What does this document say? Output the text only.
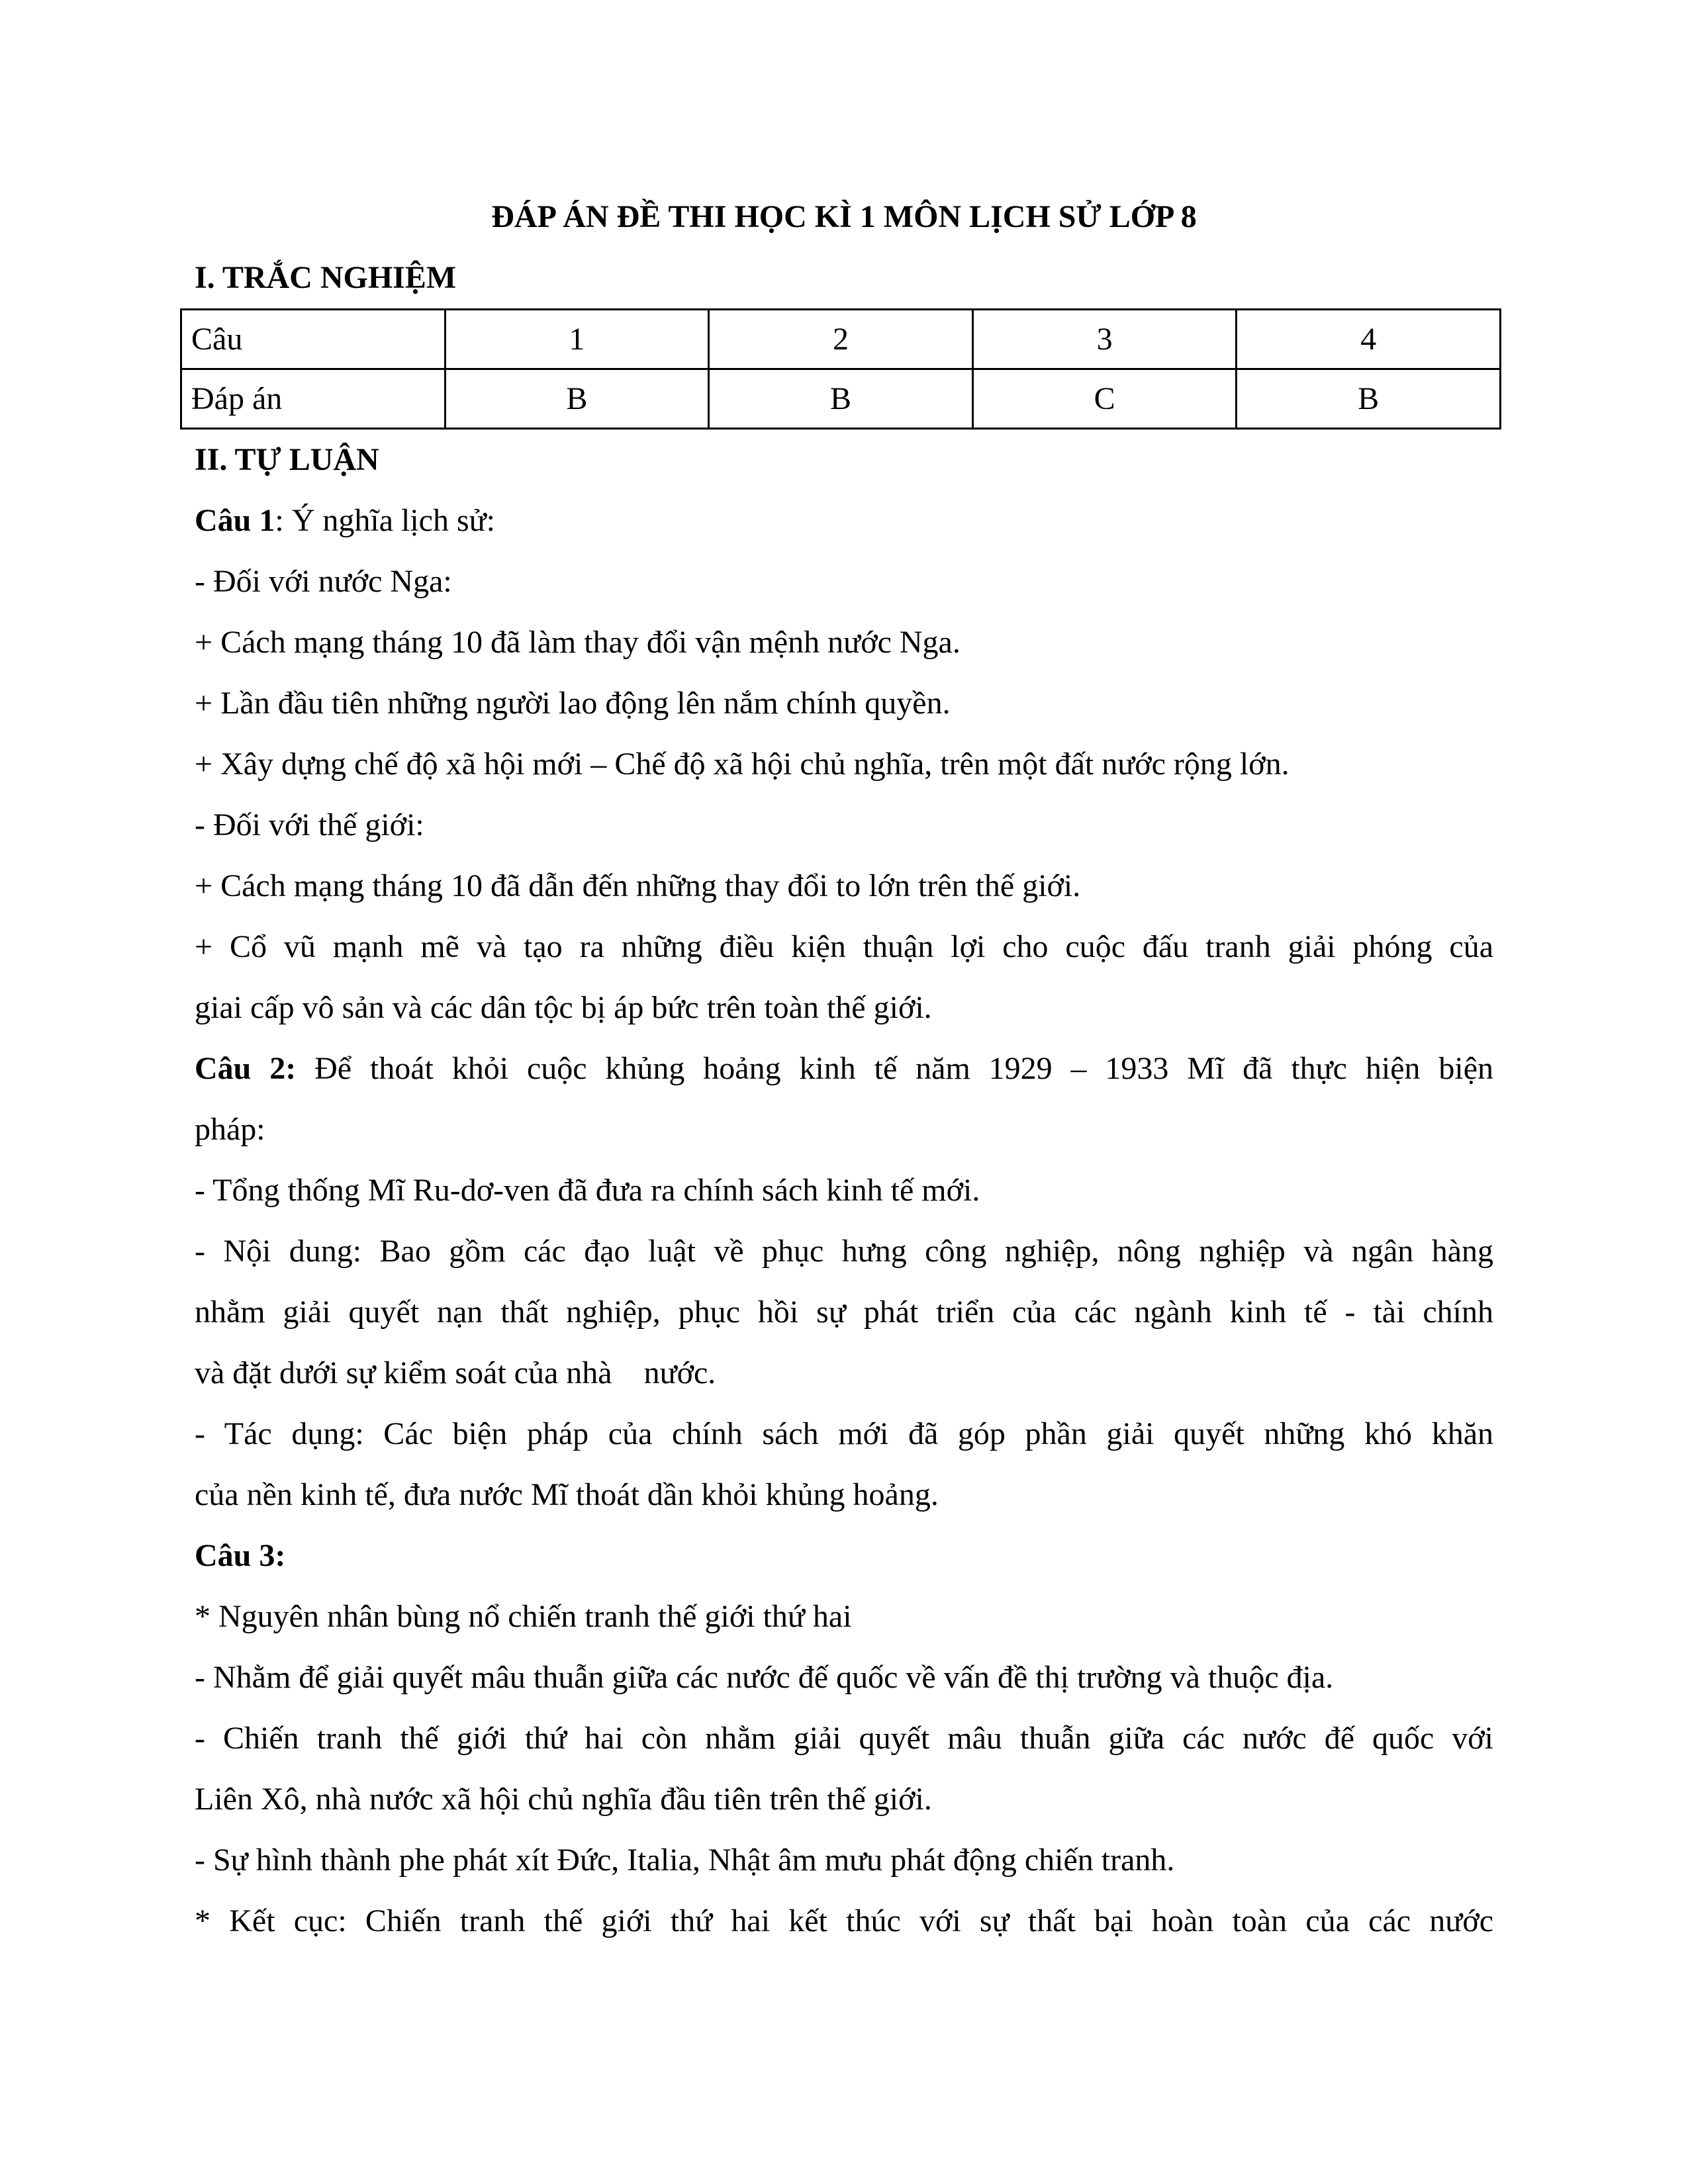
ĐÁP ÁN ĐỀ THI HỌC KÌ 1 MÔN LỊCH SỬ LỚP 8

I. TRẮC NGHIỆM

Câu	1	2	3	4
Đáp án	B	B	C	B

II. TỰ LUẬN

Câu 1: Ý nghĩa lịch sử:

- Đối với nước Nga:

+ Cách mạng tháng 10 đã làm thay đổi vận mệnh nước Nga.

+ Lần đầu tiên những người lao động lên nắm chính quyền.

+ Xây dựng chế độ xã hội mới – Chế độ xã hội chủ nghĩa, trên một đất nước rộng lớn.

- Đối với thế giới:

+ Cách mạng tháng 10 đã dẫn đến những thay đổi to lớn trên thế giới.

+ Cổ vũ mạnh mẽ và tạo ra những điều kiện thuận lợi cho cuộc đấu tranh giải phóng của

giai cấp vô sản và các dân tộc bị áp bức trên toàn thế giới.

Câu 2: Để thoát khỏi cuộc khủng hoảng kinh tế năm 1929 – 1933 Mĩ đã thực hiện biện

pháp:

- Tổng thống Mĩ Ru-dơ-ven đã đưa ra chính sách kinh tế mới.

- Nội dung: Bao gồm các đạo luật về phục hưng công nghiệp, nông nghiệp và ngân hàng

nhằm giải quyết nạn thất nghiệp, phục hồi sự phát triển của các ngành kinh tế - tài chính

và đặt dưới sự kiểm soát của nhà    nước.

- Tác dụng: Các biện pháp của chính sách mới đã góp phần giải quyết những khó khăn

của nền kinh tế, đưa nước Mĩ thoát dần khỏi khủng hoảng.

Câu 3:

* Nguyên nhân bùng nổ chiến tranh thế giới thứ hai

- Nhằm để giải quyết mâu thuẫn giữa các nước đế quốc về vấn đề thị trường và thuộc địa.

- Chiến tranh thế giới thứ hai còn nhằm giải quyết mâu thuẫn giữa các nước đế quốc với

Liên Xô, nhà nước xã hội chủ nghĩa đầu tiên trên thế giới.

- Sự hình thành phe phát xít Đức, Italia, Nhật âm mưu phát động chiến tranh.

* Kết cục: Chiến tranh thế giới thứ hai kết thúc với sự thất bại hoàn toàn của các nước
